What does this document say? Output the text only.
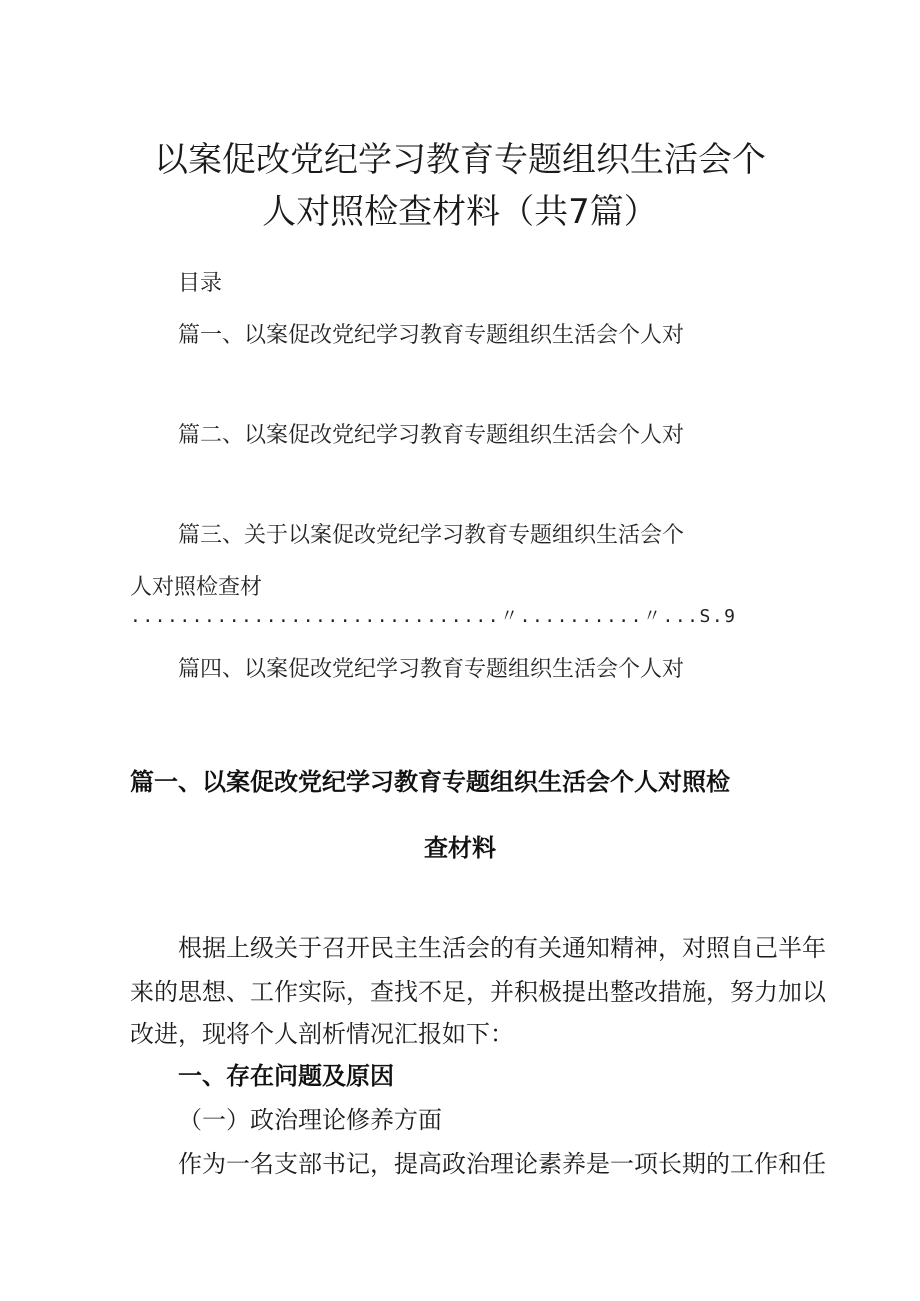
以案促改党纪学习教育专题组织生活会个
人对照检查材料（共7篇）
目录
篇一、以案促改党纪学习教育专题组织生活会个人对
篇二、以案促改党纪学习教育专题组织生活会个人对
篇三、关于以案促改党纪学习教育专题组织生活会个
人对照检查材
..............................〃..........〃...S.9
篇四、以案促改党纪学习教育专题组织生活会个人对
篇一、以案促改党纪学习教育专题组织生活会个人对照检
查材料
根据上级关于召开民主生活会的有关通知精神，对照自己半年
来的思想、工作实际，查找不足，并积极提出整改措施，努力加以
改进，现将个人剖析情况汇报如下：
一、存在问题及原因
（一）政治理论修养方面
作为一名支部书记，提高政治理论素养是一项长期的工作和任
